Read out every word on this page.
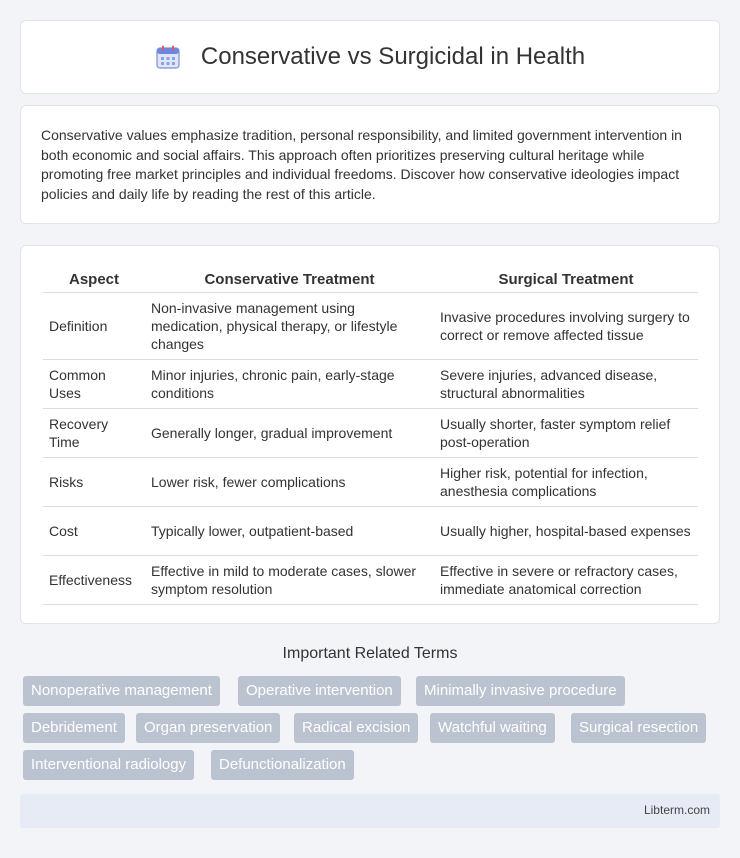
Conservative vs Surgicidal in Health

Conservative values emphasize tradition, personal responsibility, and limited government intervention in both economic and social affairs. This approach often prioritizes preserving cultural heritage while promoting free market principles and individual freedoms. Discover how conservative ideologies impact policies and daily life by reading the rest of this article.

Aspect	Conservative Treatment	Surgical Treatment
Definition	Non-invasive management using medication, physical therapy, or lifestyle changes	Invasive procedures involving surgery to correct or remove affected tissue
Common Uses	Minor injuries, chronic pain, early-stage conditions	Severe injuries, advanced disease, structural abnormalities
Recovery Time	Generally longer, gradual improvement	Usually shorter, faster symptom relief post-operation
Risks	Lower risk, fewer complications	Higher risk, potential for infection, anesthesia complications
Cost	Typically lower, outpatient-based	Usually higher, hospital-based expenses
Effectiveness	Effective in mild to moderate cases, slower symptom resolution	Effective in severe or refractory cases, immediate anatomical correction
Important Related Terms
Nonoperative management	Operative intervention	Minimally invasive procedure
Debridement	Organ preservation	Radical excision	Watchful waiting	Surgical resection
Interventional radiology	Defunctionalization
Libterm.com
